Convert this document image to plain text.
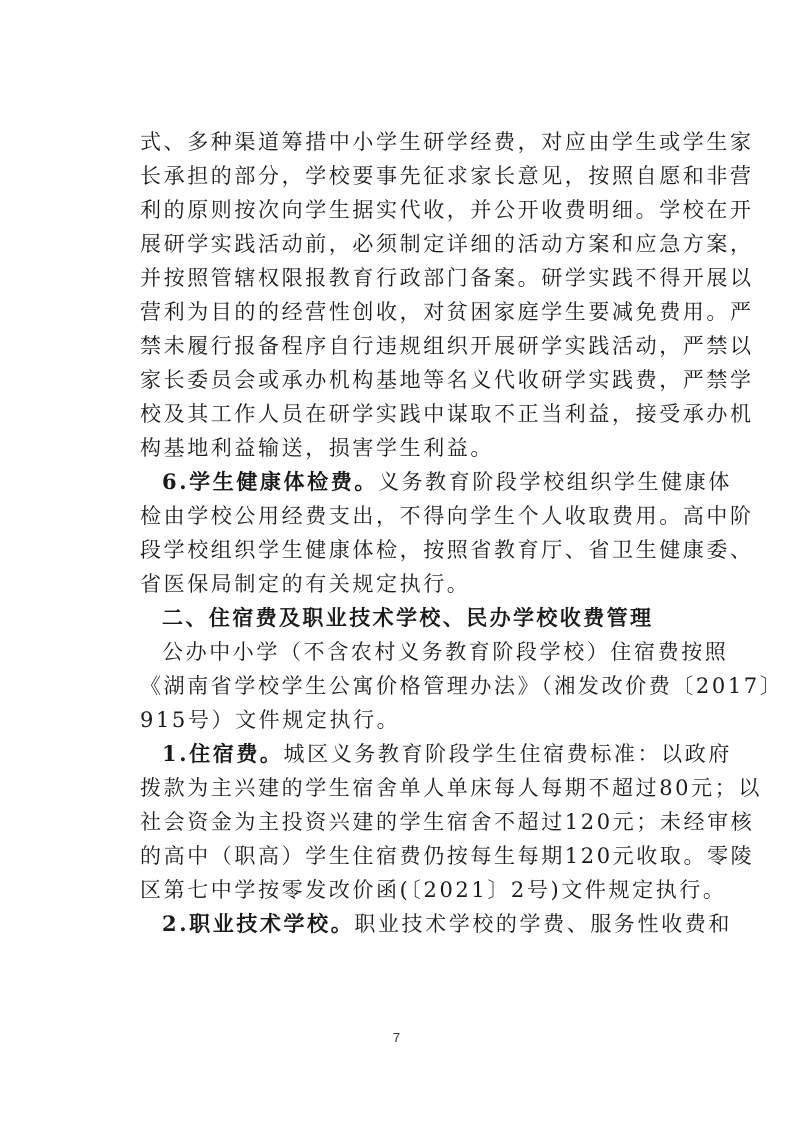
式、多种渠道筹措中小学生研学经费，对应由学生或学生家
长承担的部分，学校要事先征求家长意见，按照自愿和非营
利的原则按次向学生据实代收，并公开收费明细。学校在开
展研学实践活动前，必须制定详细的活动方案和应急方案，
并按照管辖权限报教育行政部门备案。研学实践不得开展以
营利为目的的经营性创收，对贫困家庭学生要减免费用。严
禁未履行报备程序自行违规组织开展研学实践活动，严禁以
家长委员会或承办机构基地等名义代收研学实践费，严禁学
校及其工作人员在研学实践中谋取不正当利益，接受承办机
构基地利益输送，损害学生利益。
6.学生健康体检费。义务教育阶段学校组织学生健康体
检由学校公用经费支出，不得向学生个人收取费用。高中阶
段学校组织学生健康体检，按照省教育厅、省卫生健康委、
省医保局制定的有关规定执行。
二、住宿费及职业技术学校、民办学校收费管理
公办中小学（不含农村义务教育阶段学校）住宿费按照
《湖南省学校学生公寓价格管理办法》（湘发改价费〔2017〕
915号）文件规定执行。
1.住宿费。城区义务教育阶段学生住宿费标准：以政府
拨款为主兴建的学生宿舍单人单床每人每期不超过80元；以
社会资金为主投资兴建的学生宿舍不超过120元；未经审核
的高中（职高）学生住宿费仍按每生每期120元收取。零陵
区第七中学按零发改价函(〔2021〕2号)文件规定执行。
2.职业技术学校。职业技术学校的学费、服务性收费和
7
